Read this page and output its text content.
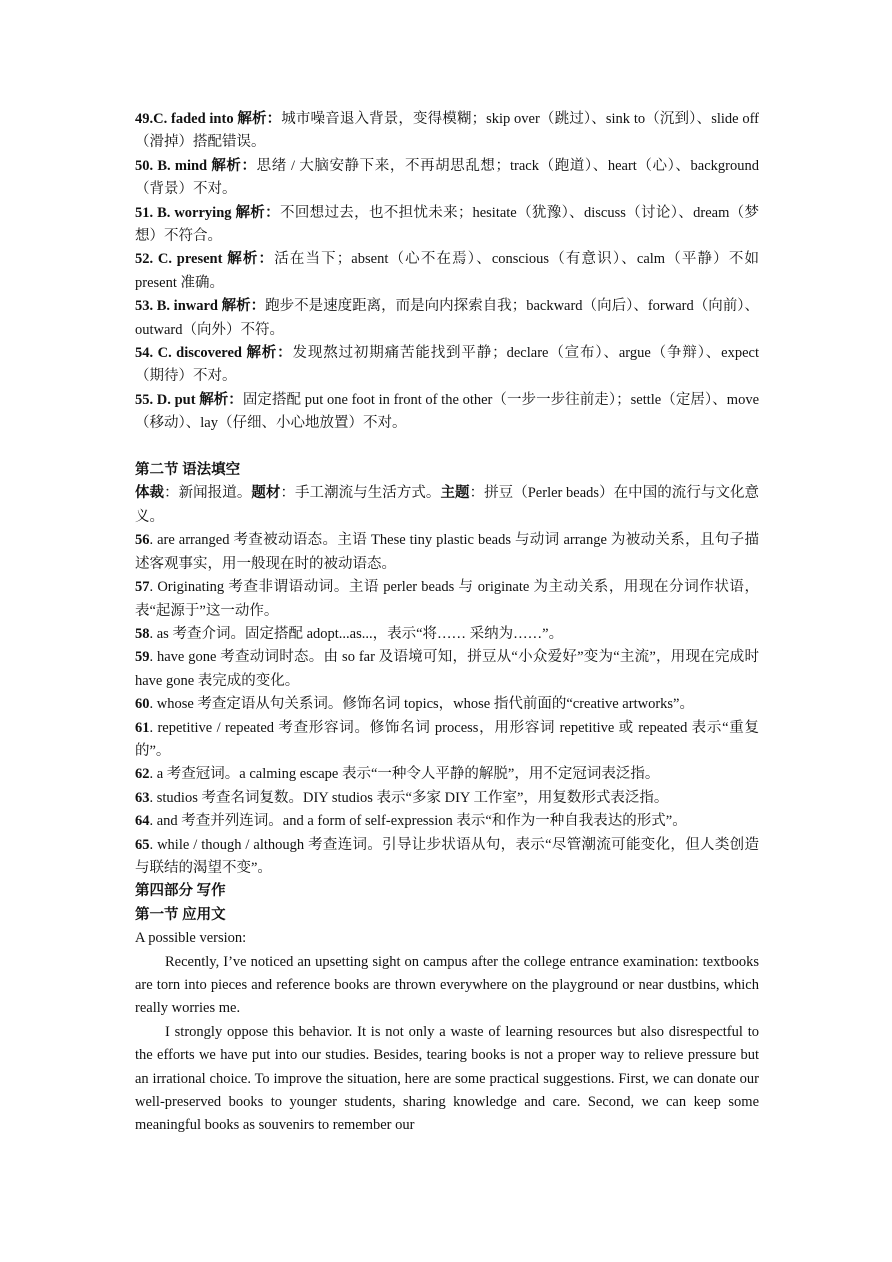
49.C. faded into 解析：城市噪音退入背景，变得模糊；skip over（跳过）、sink to（沉到）、slide off（滑掉）搭配错误。

50. B. mind 解析：思绪 / 大脑安静下来，不再胡思乱想；track（跑道）、heart（心）、background（背景）不对。

51. B. worrying 解析：不回想过去，也不担忧未来；hesitate（犹豫）、discuss（讨论）、dream（梦想）不符合。

52. C. present 解析：活在当下；absent（心不在焉）、conscious（有意识）、calm（平静）不如 present 准确。

53. B. inward 解析：跑步不是速度距离，而是向内探索自我；backward（向后）、forward（向前）、outward（向外）不符。

54. C. discovered 解析：发现熬过初期痛苦能找到平静；declare（宣布）、argue（争辩）、expect（期待）不对。

55. D. put 解析：固定搭配 put one foot in front of the other（一步一步往前走）；settle（定居）、move（移动）、lay（仔细、小心地放置）不对。

第二节 语法填空

体裁：新闻报道。题材：手工潮流与生活方式。主题：拼豆（Perler beads）在中国的流行与文化意义。

56. are arranged 考查被动语态。主语 These tiny plastic beads 与动词 arrange 为被动关系，且句子描述客观事实，用一般现在时的被动语态。

57. Originating 考查非谓语动词。主语 perler beads 与 originate 为主动关系，用现在分词作状语，表“起源于”这一动作。

58. as 考查介词。固定搭配 adopt...as...，表示“将…… 采纳为……”。

59. have gone 考查动词时态。由 so far 及语境可知，拼豆从“小众爱好”变为“主流”，用现在完成时 have gone 表完成的变化。

60. whose 考查定语从句关系词。修饰名词 topics，whose 指代前面的“creative artworks”。

61. repetitive / repeated 考查形容词。修饰名词 process，用形容词 repetitive 或 repeated 表示“重复的”。

62. a 考查冠词。a calming escape 表示“一种令人平静的解脱”，用不定冠词表泛指。

63. studios 考查名词复数。DIY studios 表示“多家 DIY 工作室”，用复数形式表泛指。

64. and 考查并列连词。and a form of self-expression 表示“和作为一种自我表达的形式”。

65. while / though / although 考查连词。引导让步状语从句，表示“尽管潮流可能变化，但人类创造与联结的渴望不变”。

第四部分 写作

第一节 应用文

A possible version:

Recently, I’ve noticed an upsetting sight on campus after the college entrance examination: textbooks are torn into pieces and reference books are thrown everywhere on the playground or near dustbins, which really worries me.

I strongly oppose this behavior. It is not only a waste of learning resources but also disrespectful to the efforts we have put into our studies. Besides, tearing books is not a proper way to relieve pressure but an irrational choice. To improve the situation, here are some practical suggestions. First, we can donate our well-preserved books to younger students, sharing knowledge and care. Second, we can keep some meaningful books as souvenirs to remember our
